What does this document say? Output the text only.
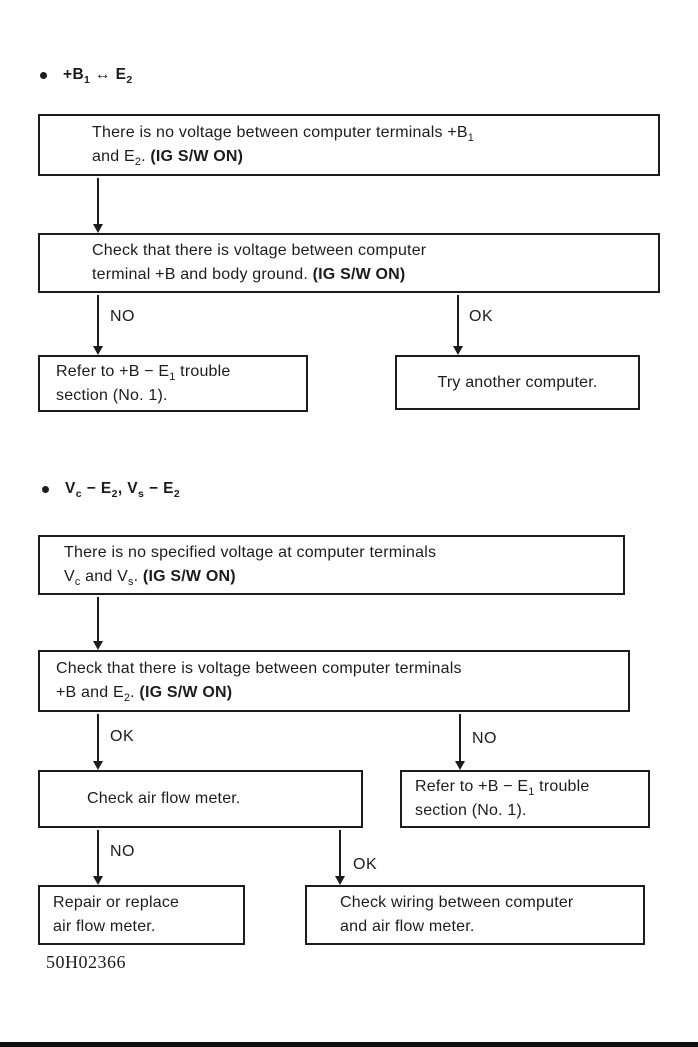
$+B_1$ ↔ $E_2$
There is no voltage between computer terminals $+B_1$
and $E_2$. (IG S/W ON)
Check that there is voltage between computer
terminal +B and body ground. (IG S/W ON)
NO	OK
Refer to $+B - E_1$ trouble
section (No. 1).
Try another computer.
$V_c - E_2$, $V_s - E_2$
There is no specified voltage at computer terminals
$V_c$ and $V_s$. (IG S/W ON)
Check that there is voltage between computer terminals
+B and $E_2$. (IG S/W ON)
OK	NO
Check air flow meter.
Refer to $+B - E_1$ trouble
section (No. 1).
NO
OK
Repair or replace
air flow meter.
Check wiring between computer
and air flow meter.
50H02366
